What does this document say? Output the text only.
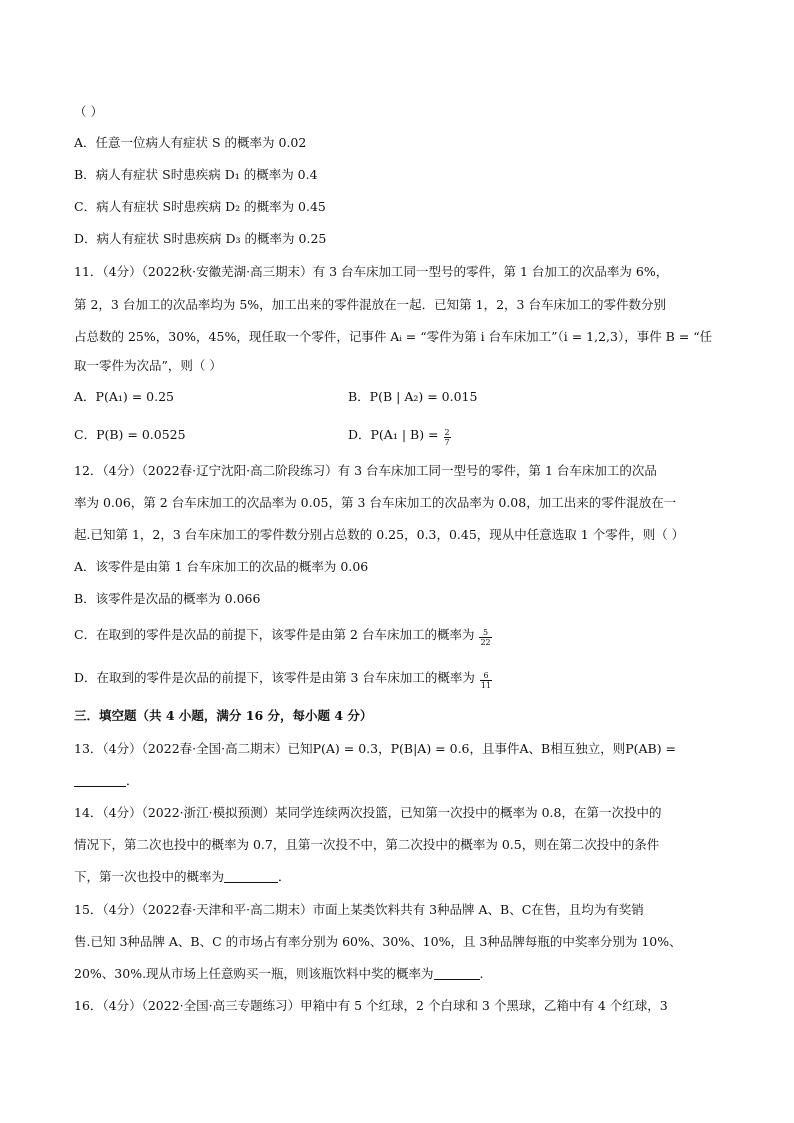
（ ）
A．任意一位病人有症状 S 的概率为 0.02
B．病人有症状 S时患疾病 D₁ 的概率为 0.4
C．病人有症状 S时患疾病 D₂ 的概率为 0.45
D．病人有症状 S时患疾病 D₃ 的概率为 0.25
11．（4分）（2022秋·安徽芜湖·高三期末）有 3 台车床加工同一型号的零件，第 1 台加工的次品率为 6%，
第 2，3 台加工的次品率均为 5%，加工出来的零件混放在一起．已知第 1，2，3 台车床加工的零件数分别
占总数的 25%，30%，45%，现任取一个零件，记事件 Aᵢ = “零件为第 i 台车床加工”（i = 1,2,3），事件 B = “任
取一零件为次品”，则（ ）
A．P(A₁) = 0.25	B．P(B | A₂) = 0.015
C．P(B) = 0.0525	D．P(A₁ | $B) = \frac{2}{7}$
12．（4分）（2022春·辽宁沈阳·高二阶段练习）有 3 台车床加工同一型号的零件，第 1 台车床加工的次品
率为 0.06，第 2 台车床加工的次品率为 0.05，第 3 台车床加工的次品率为 0.08，加工出来的零件混放在一
起.已知第 1，2，3 台车床加工的零件数分别占总数的 0.25，0.3，0.45，现从中任意选取 1 个零件，则（ ）
A．该零件是由第 1 台车床加工的次品的概率为 0.06
B．该零件是次品的概率为 0.066
C．在取到的零件是次品的前提下，该零件是由第 2 台车床加工的概率为 $\frac{5}{22}$
D．在取到的零件是次品的前提下，该零件是由第 3 台车床加工的概率为 $\frac{6}{11}$
三．填空题（共 4 小题，满分 16 分，每小题 4 分）
13．（4分）（2022春·全国·高二期末）已知P(A) = 0.3，P(B|A) = 0.6，且事件A、B相互独立，则P(AB) =
．
14．（4分）（2022·浙江·模拟预测）某同学连续两次投篮，已知第一次投中的概率为 0.8，在第一次投中的
情况下，第二次也投中的概率为 0.7，且第一次投不中，第二次投中的概率为 0.5，则在第二次投中的条件
下，第一次也投中的概率为	．
15．（4分）（2022春·天津和平·高二期末）市面上某类饮料共有 3种品牌 A、B、C在售，且均为有奖销
售.已知 3种品牌 A、B、C 的市场占有率分别为 60%、30%、10%，且 3种品牌每瓶的中奖率分别为 10%、
20%、30%.现从市场上任意购买一瓶，则该瓶饮料中奖的概率为	.
16．（4分）（2022·全国·高三专题练习）甲箱中有 5 个红球，2 个白球和 3 个黑球，乙箱中有 4 个红球，3
